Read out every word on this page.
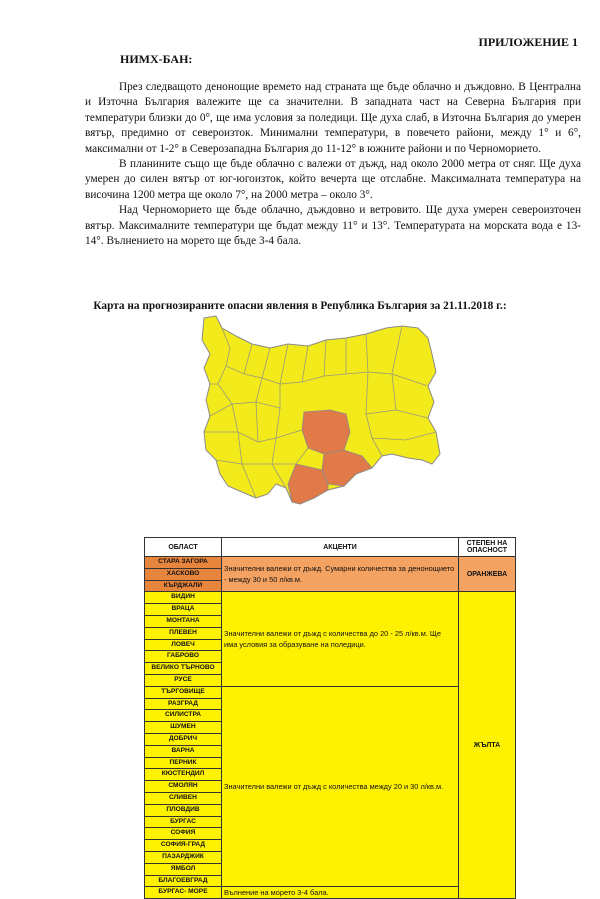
ПРИЛОЖЕНИЕ 1
НИМХ-БАН:

През следващото денонощие времето над страната ще бъде облачно и дъждовно. В Централна и Източна България валежите ще са значителни. В западната част на Северна България при температури близки до 0°, ще има условия за поледици. Ще духа слаб, в Източна България до умерен вятър, предимно от североизток. Минимални температури, в повечето райони, между 1° и 6°, максимални от 1-2° в Северозападна България до 11-12° в южните райони и по Черноморието.

В планините също ще бъде облачно с валежи от дъжд, над около 2000 метра от сняг. Ще духа умерен до силен вятър от юг-югоизток, който вечерта ще отслабне. Максималната температура на височина 1200 метра ще около 7°, на 2000 метра – около 3°.

Над Черноморието ще бъде облачно, дъждовно и ветровито. Ще духа умерен североизточен вятър. Максималните температури ще бъдат между 11° и 13°. Температурата на морската вода е 13-14°. Вълнението на морето ще бъде 3-4 бала.

Карта на прогнозираните опасни явления в Република България за 21.11.2018 г.:
ОБЛАСТ	АКЦЕНТИ	СТЕПЕН НА ОПАСНОСТ
СТАРА ЗАГОРА	Значителни валежи от дъжд. Сумарни количества за денонощието - между 30 и 50 л/кв.м.	ОРАНЖЕВА
ХАСКОВО		
КЪРДЖАЛИ		
ВИДИН	Значителни валежи от дъжд с количества до 20 - 25 л/кв.м. Ще има условия за образуване на поледици.	ЖЪЛТА
ВРАЦА		
МОНТАНА		
ПЛЕВЕН		
ЛОВЕЧ		
ГАБРОВО		
ВЕЛИКО ТЪРНОВО		
РУСЕ		
ТЪРГОВИЩЕ	Значителни валежи от дъжд с количества между 20 и 30 л/кв.м.	
РАЗГРАД		
СИЛИСТРА		
ШУМЕН		
ДОБРИЧ		
ВАРНА		
ПЕРНИК		
КЮСТЕНДИЛ		
СМОЛЯН		
СЛИВЕН		
ПЛОВДИВ		
БУРГАС		
СОФИЯ		
СОФИЯ-ГРАД		
ПАЗАРДЖИК		
ЯМБОЛ		
БЛАГОЕВГРАД		
БУРГАС- МОРЕ	Вълнение на морето 3-4 бала.	
